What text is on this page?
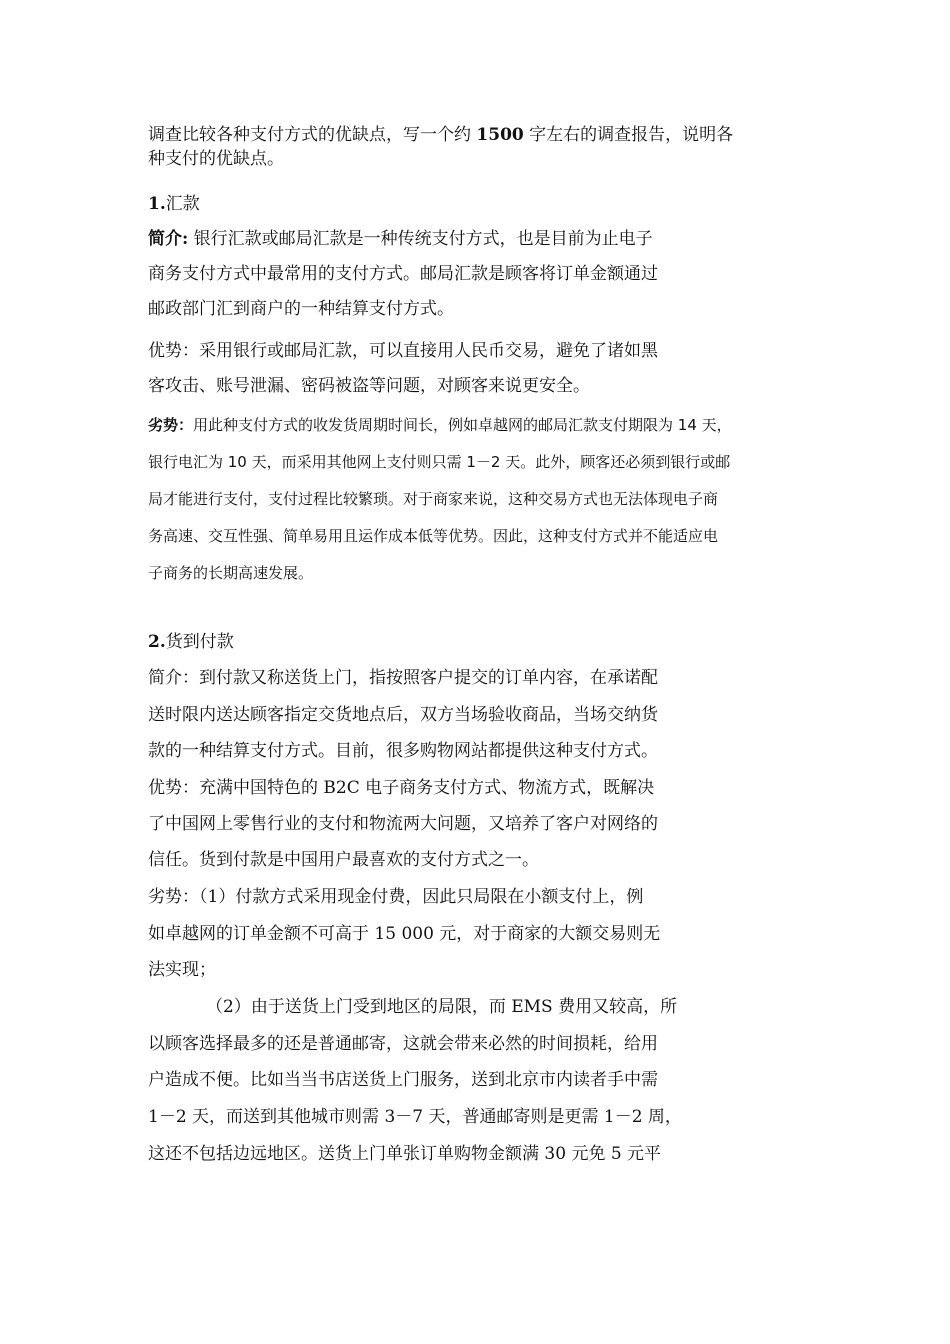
调查比较各种支付方式的优缺点，写一个约 1500 字左右的调查报告，说明各
种支付的优缺点。
1.汇款
简介: 银行汇款或邮局汇款是一种传统支付方式，也是目前为止电子
商务支付方式中最常用的支付方式。邮局汇款是顾客将订单金额通过
邮政部门汇到商户的一种结算支付方式。
优势：采用银行或邮局汇款，可以直接用人民币交易，避免了诸如黑
客攻击、账号泄漏、密码被盗等问题，对顾客来说更安全。
劣势：用此种支付方式的收发货周期时间长，例如卓越网的邮局汇款支付期限为 14 天，
银行电汇为 10 天，而采用其他网上支付则只需 1－2 天。此外，顾客还必须到银行或邮
局才能进行支付，支付过程比较繁琐。对于商家来说，这种交易方式也无法体现电子商
务高速、交互性强、简单易用且运作成本低等优势。因此，这种支付方式并不能适应电
子商务的长期高速发展。
2.货到付款
简介：到付款又称送货上门，指按照客户提交的订单内容，在承诺配
送时限内送达顾客指定交货地点后，双方当场验收商品，当场交纳货
款的一种结算支付方式。目前，很多购物网站都提供这种支付方式。
优势：充满中国特色的 B2C 电子商务支付方式、物流方式，既解决
了中国网上零售行业的支付和物流两大问题，又培养了客户对网络的
信任。货到付款是中国用户最喜欢的支付方式之一。
劣势：（1）付款方式采用现金付费，因此只局限在小额支付上，例
如卓越网的订单金额不可高于 15 000 元，对于商家的大额交易则无
法实现；
（2）由于送货上门受到地区的局限，而 EMS 费用又较高，所
以顾客选择最多的还是普通邮寄，这就会带来必然的时间损耗，给用
户造成不便。比如当当书店送货上门服务，送到北京市内读者手中需
1－2 天，而送到其他城市则需 3－7 天，普通邮寄则是更需 1－2 周，
这还不包括边远地区。送货上门单张订单购物金额满 30 元免 5 元平
